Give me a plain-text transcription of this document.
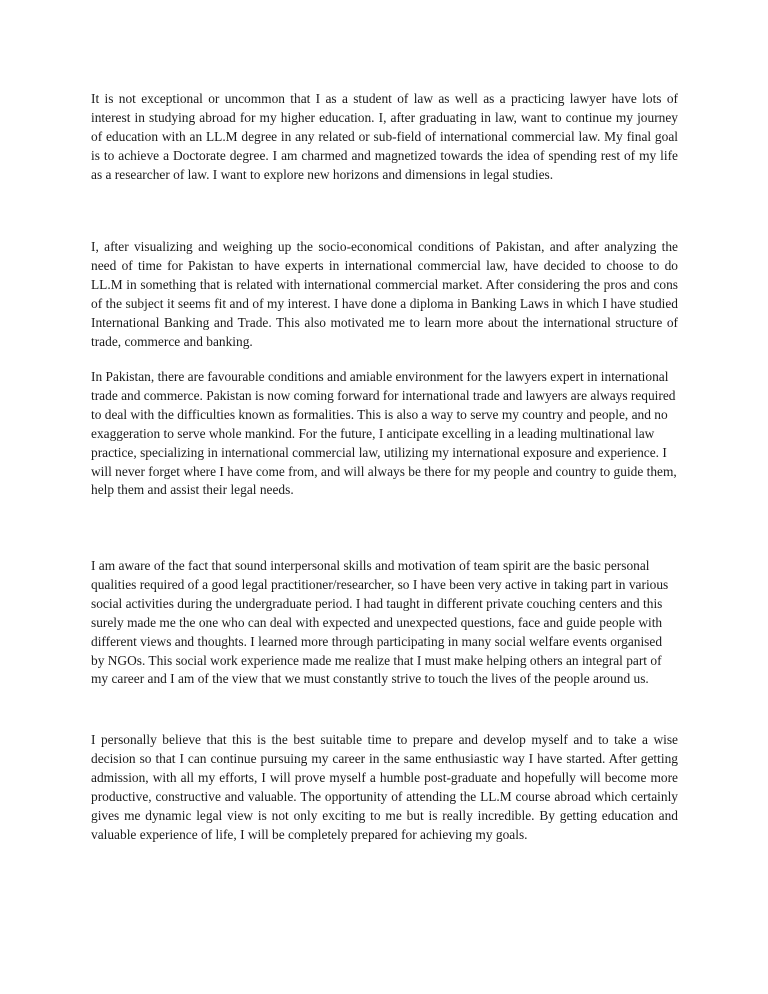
It is not exceptional or uncommon that I as a student of law as well as a practicing lawyer have lots of interest in studying abroad for my higher education. I, after graduating in law, want to continue my journey of education with an LL.M degree in any related or sub-field of international commercial law. My final goal is to achieve a Doctorate degree. I am charmed and magnetized towards the idea of spending rest of my life as a researcher of law. I want to explore new horizons and dimensions in legal studies.

I, after visualizing and weighing up the socio-economical conditions of Pakistan, and after analyzing the need of time for Pakistan to have experts in international commercial law, have decided to choose to do LL.M in something that is related with international commercial market. After considering the pros and cons of the subject it seems fit and of my interest. I have done a diploma in Banking Laws in which I have studied International Banking and Trade. This also motivated me to learn more about the international structure of trade, commerce and banking.

In Pakistan, there are favourable conditions and amiable environment for the lawyers expert in international trade and commerce. Pakistan is now coming forward for international trade and lawyers are always required to deal with the difficulties known as formalities. This is also a way to serve my country and people, and no exaggeration to serve whole mankind. For the future, I anticipate excelling in a leading multinational law practice, specializing in international commercial law, utilizing my international exposure and experience. I will never forget where I have come from, and will always be there for my people and country to guide them, help them and assist their legal needs.

I am aware of the fact that sound interpersonal skills and motivation of team spirit are the basic personal qualities required of a good legal practitioner/researcher, so I have been very active in taking part in various social activities during the undergraduate period. I had taught in different private couching centers and this surely made me the one who can deal with expected and unexpected questions, face and guide people with different views and thoughts. I learned more through participating in many social welfare events organised by NGOs. This social work experience made me realize that I must make helping others an integral part of my career and I am of the view that we must constantly strive to touch the lives of the people around us.

I personally believe that this is the best suitable time to prepare and develop myself and to take a wise decision so that I can continue pursuing my career in the same enthusiastic way I have started. After getting admission, with all my efforts, I will prove myself a humble post-graduate and hopefully will become more productive, constructive and valuable. The opportunity of attending the LL.M course abroad which certainly gives me dynamic legal view is not only exciting to me but is really incredible. By getting education and valuable experience of life, I will be completely prepared for achieving my goals.
